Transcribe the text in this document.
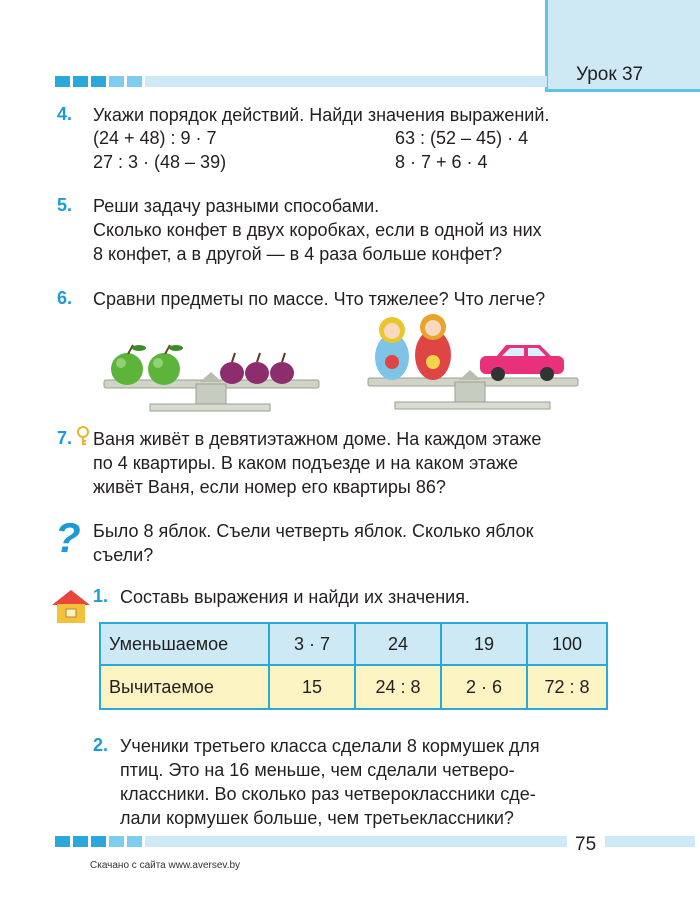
Урок 37
4. Укажи порядок действий. Найди значения выражений.
(24 + 48) : 9 · 7	63 : (52 – 45) · 4
27 : 3 · (48 – 39)	8 · 7 + 6 · 4
5. Реши задачу разными способами.
Сколько конфет в двух коробках, если в одной из них
8 конфет, а в другой — в 4 раза больше конфет?
6. Сравни предметы по массе. Что тяжелее? Что легче?
7. Ваня живёт в девятиэтажном доме. На каждом этаже
по 4 квартиры. В каком подъезде и на каком этаже
живёт Ваня, если номер его квартиры 86?
? Было 8 яблок. Съели четверть яблок. Сколько яблок
съели?
1. Составь выражения и найди их значения.
Уменьшаемое	3 · 7	24	19	100
Вычитаемое	15	24 : 8	2 · 6	72 : 8
2. Ученики третьего класса сделали 8 кормушек для
птиц. Это на 16 меньше, чем сделали четверо-
классники. Во сколько раз четвероклассники сде-
лали кормушек больше, чем третьеклассники?
75
Скачано с сайта www.aversev.by
